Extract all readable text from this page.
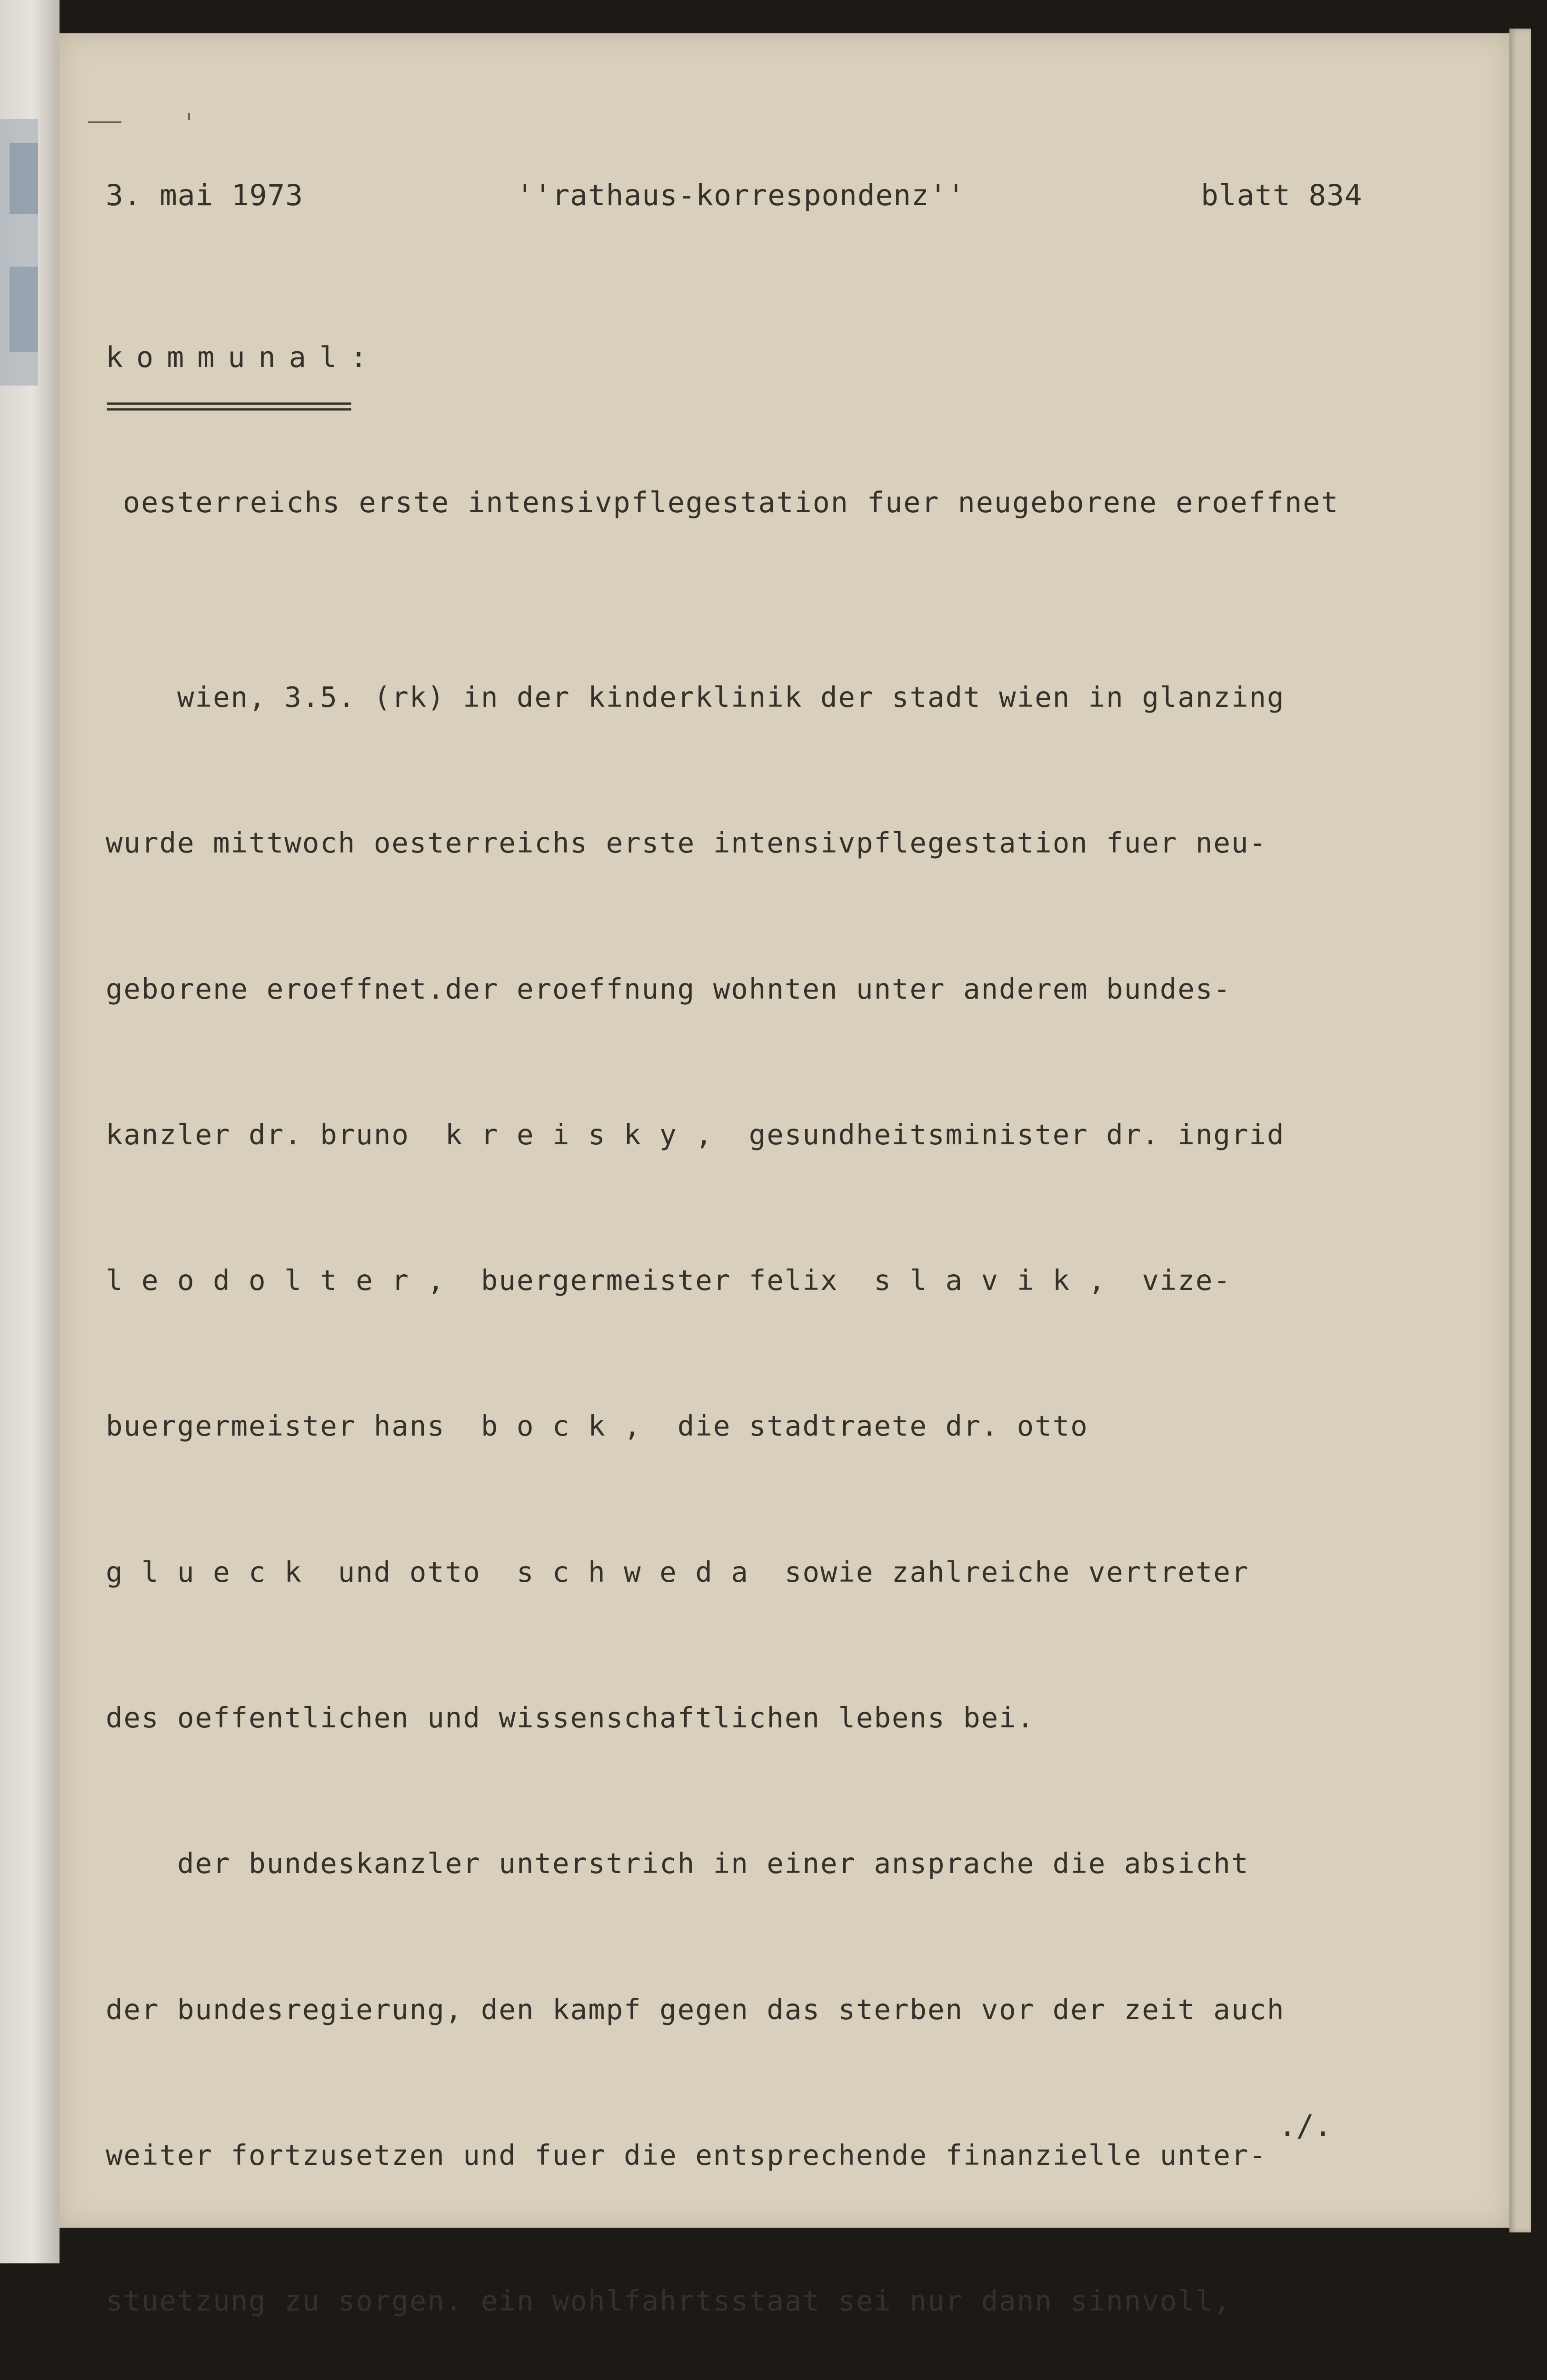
3. mai 1973

	''rathaus-korrespondenz''

	blatt 834

kommunal:
=================
oesterreichs erste intensivpflegestation fuer neugeborene eroeffnet

wien, 3.5. (rk) in der kinderklinik der stadt wien in glanzing

wurde mittwoch oesterreichs erste intensivpflegestation fuer neu-

geborene eroeffnet.der eroeffnung wohnten unter anderem bundes-

kanzler dr. bruno  k r e i s k y ,  gesundheitsminister dr. ingrid

l e o d o l t e r ,  buergermeister felix  s l a v i k ,  vize-

buergermeister hans  b o c k ,  die stadtraete dr. otto

g l u e c k  und otto  s c h w e d a  sowie zahlreiche vertreter

des oeffentlichen und wissenschaftlichen lebens bei.

der bundeskanzler unterstrich in einer ansprache die absicht

der bundesregierung, den kampf gegen das sterben vor der zeit auch

weiter fortzusetzen und fuer die entsprechende finanzielle unter-

stuetzung zu sorgen. ein wohlfahrtsstaat sei nur dann sinnvoll,

./.
